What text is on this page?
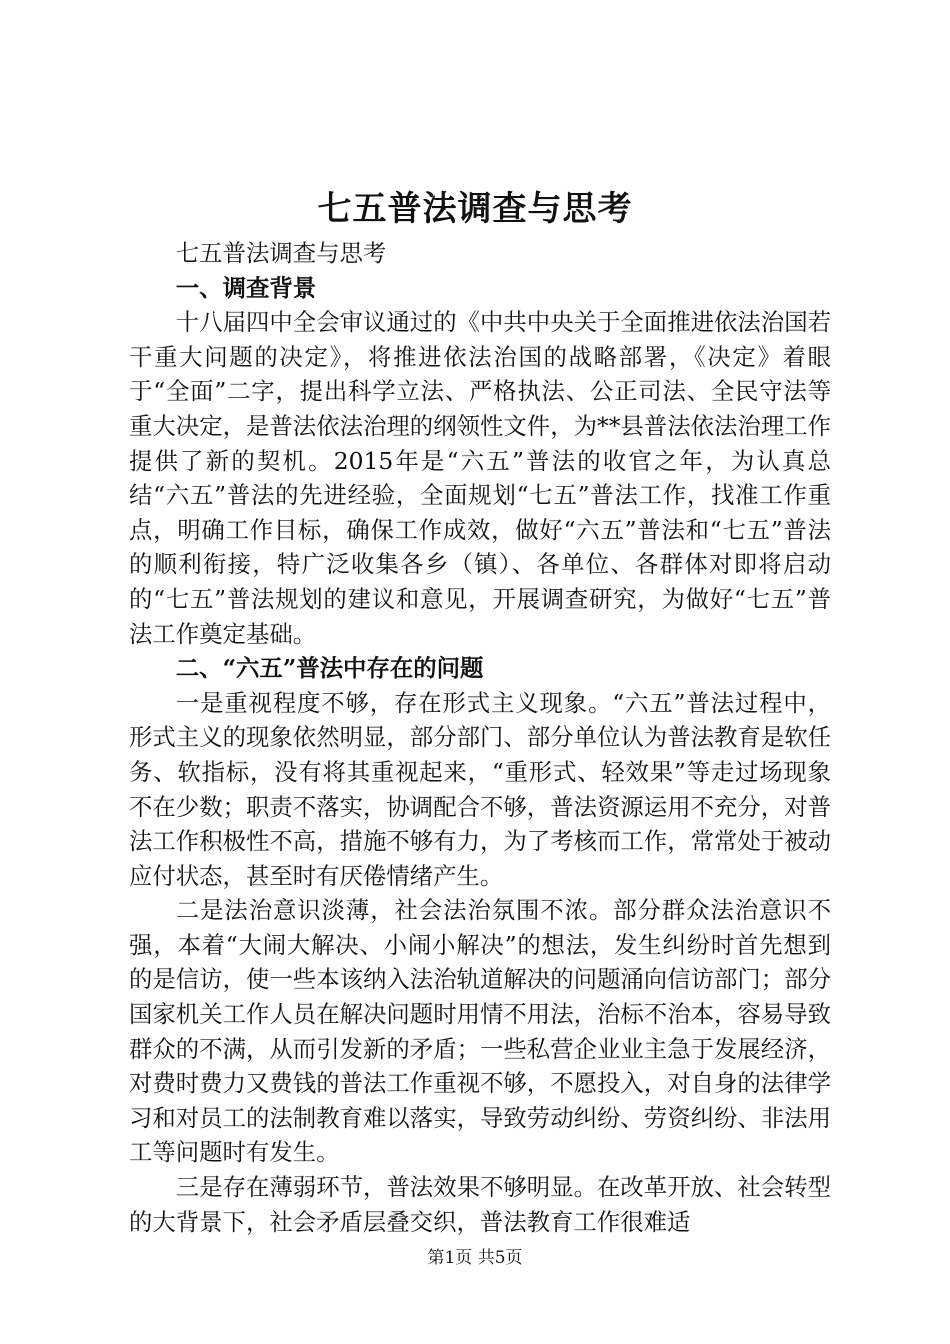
七五普法调查与思考

七五普法调查与思考

一、调查背景

十八届四中全会审议通过的《中共中央关于全面推进依法治国若干重大问题的决定》，将推进依法治国的战略部署，《决定》着眼于“全面”二字，提出科学立法、严格执法、公正司法、全民守法等重大决定，是普法依法治理的纲领性文件，为**县普法依法治理工作提供了新的契机。2015年是“六五”普法的收官之年，为认真总结“六五”普法的先进经验，全面规划“七五”普法工作，找准工作重点，明确工作目标，确保工作成效，做好“六五”普法和“七五”普法的顺利衔接，特广泛收集各乡（镇）、各单位、各群体对即将启动的“七五”普法规划的建议和意见，开展调查研究，为做好“七五”普法工作奠定基础。

二、“六五”普法中存在的问题

一是重视程度不够，存在形式主义现象。“六五”普法过程中，形式主义的现象依然明显，部分部门、部分单位认为普法教育是软任务、软指标，没有将其重视起来，“重形式、轻效果”等走过场现象不在少数；职责不落实，协调配合不够，普法资源运用不充分，对普法工作积极性不高，措施不够有力，为了考核而工作，常常处于被动应付状态，甚至时有厌倦情绪产生。

二是法治意识淡薄，社会法治氛围不浓。部分群众法治意识不强，本着“大闹大解决、小闹小解决”的想法，发生纠纷时首先想到的是信访，使一些本该纳入法治轨道解决的问题涌向信访部门；部分国家机关工作人员在解决问题时用情不用法，治标不治本，容易导致群众的不满，从而引发新的矛盾；一些私营企业业主急于发展经济，对费时费力又费钱的普法工作重视不够，不愿投入，对自身的法律学习和对员工的法制教育难以落实，导致劳动纠纷、劳资纠纷、非法用工等问题时有发生。

三是存在薄弱环节，普法效果不够明显。在改革开放、社会转型的大背景下，社会矛盾层叠交织，普法教育工作很难适

第1页 共5页
